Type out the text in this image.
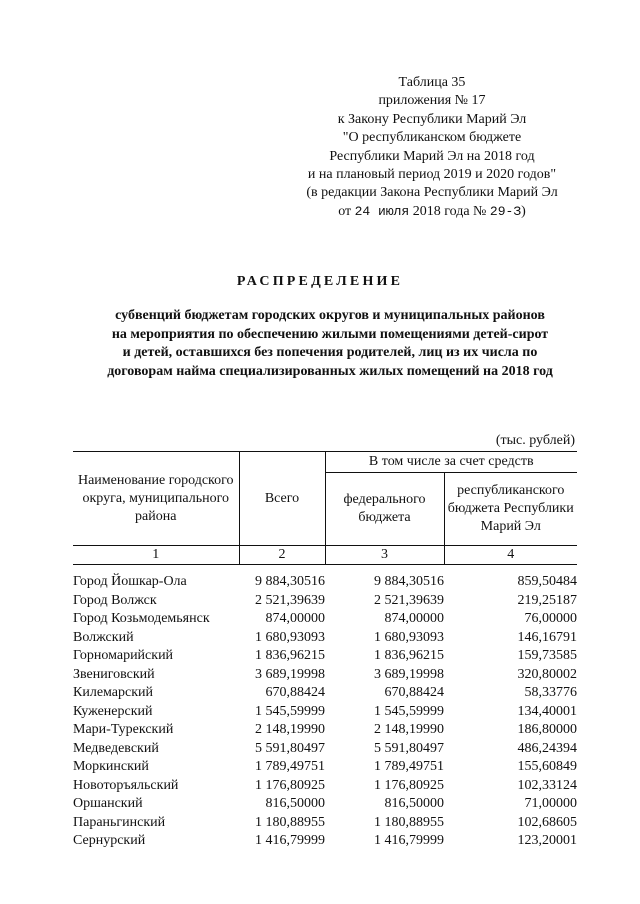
Таблица 35
приложения № 17
к Закону Республики Марий Эл
"О республиканском бюджете
Республики Марий Эл на 2018 год
и на плановый период 2019 и 2020 годов"
(в редакции Закона Республики Марий Эл
от 24 июля 2018 года № 29-З)
РАСПРЕДЕЛЕНИЕ
субвенций бюджетам городских округов и муниципальных районов
на мероприятия по обеспечению жилыми помещениями детей-сирот
и детей, оставшихся без попечения родителей, лиц из их числа по
договорам найма специализированных жилых помещений на 2018 год
(тыс. рублей)
Наименование городского округа, муниципального района	Всего	В том числе за счет средств	
		федерального бюджета	республиканского бюджета Республики Марий Эл
1	2	3	4

Город Йошкар-Ола	9 884,30516	9 884,30516	859,50484
Город Волжск	2 521,39639	2 521,39639	219,25187
Город Козьмодемьянск	874,00000	874,00000	76,00000
Волжский	1 680,93093	1 680,93093	146,16791
Горномарийский	1 836,96215	1 836,96215	159,73585
Звениговский	3 689,19998	3 689,19998	320,80002
Килемарский	670,88424	670,88424	58,33776
Куженерский	1 545,59999	1 545,59999	134,40001
Мари-Турекский	2 148,19990	2 148,19990	186,80000
Медведевский	5 591,80497	5 591,80497	486,24394
Моркинский	1 789,49751	1 789,49751	155,60849
Новоторъяльский	1 176,80925	1 176,80925	102,33124
Оршанский	816,50000	816,50000	71,00000
Параньгинский	1 180,88955	1 180,88955	102,68605
Сернурский	1 416,79999	1 416,79999	123,20001
